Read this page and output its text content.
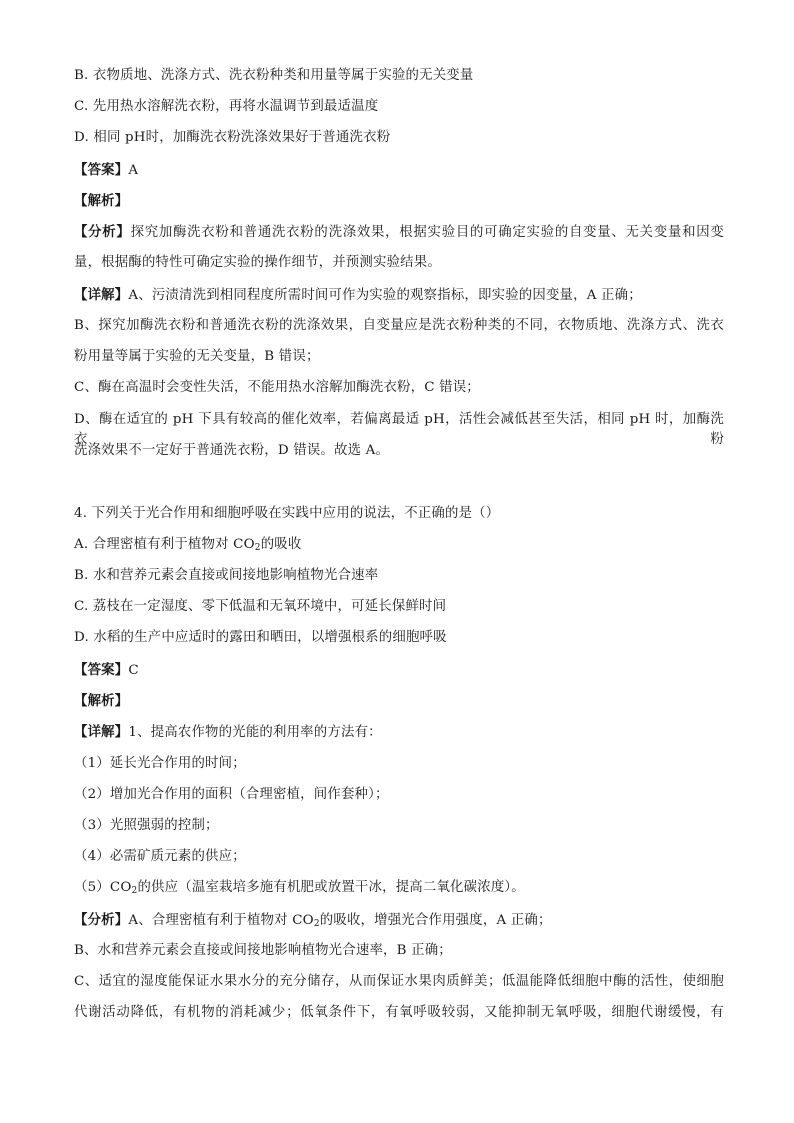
B. 衣物质地、洗涤方式、洗衣粉种类和用量等属于实验的无关变量
C. 先用热水溶解洗衣粉，再将水温调节到最适温度
D. 相同 pH时，加酶洗衣粉洗涤效果好于普通洗衣粉
【答案】A
【解析】
【分析】探究加酶洗衣粉和普通洗衣粉的洗涤效果，根据实验目的可确定实验的自变量、无关变量和因变
量，根据酶的特性可确定实验的操作细节，并预测实验结果。
【详解】A、污渍清洗到相同程度所需时间可作为实验的观察指标，即实验的因变量，A 正确；
B、探究加酶洗衣粉和普通洗衣粉的洗涤效果，自变量应是洗衣粉种类的不同，衣物质地、洗涤方式、洗衣
粉用量等属于实验的无关变量，B 错误；
C、酶在高温时会变性失活，不能用热水溶解加酶洗衣粉，C 错误；
D、酶在适宜的 pH 下具有较高的催化效率，若偏离最适 pH，活性会减低甚至失活，相同 pH 时，加酶洗衣粉
洗涤效果不一定好于普通洗衣粉，D 错误。故选 A。
4. 下列关于光合作用和细胞呼吸在实践中应用的说法，不正确的是（）
A. 合理密植有利于植物对 $CO_2$的吸收
B. 水和营养元素会直接或间接地影响植物光合速率
C. 荔枝在一定湿度、零下低温和无氧环境中，可延长保鲜时间
D. 水稻的生产中应适时的露田和晒田，以增强根系的细胞呼吸
【答案】C
【解析】
【详解】1、提高农作物的光能的利用率的方法有：
（1）延长光合作用的时间；
（2）增加光合作用的面积（合理密植，间作套种）；
（3）光照强弱的控制；
（4）必需矿质元素的供应；
$(5)CO_2$的供应（温室栽培多施有机肥或放置干冰，提高二氧化碳浓度）。
【分析】A、合理密植有利于植物对 $CO_2$的吸收，增强光合作用强度，A 正确；
B、水和营养元素会直接或间接地影响植物光合速率，B 正确；
C、适宜的湿度能保证水果水分的充分储存，从而保证水果肉质鲜美；低温能降低细胞中酶的活性，使细胞
代谢活动降低，有机物的消耗减少；低氧条件下，有氧呼吸较弱，又能抑制无氧呼吸，细胞代谢缓慢，有
